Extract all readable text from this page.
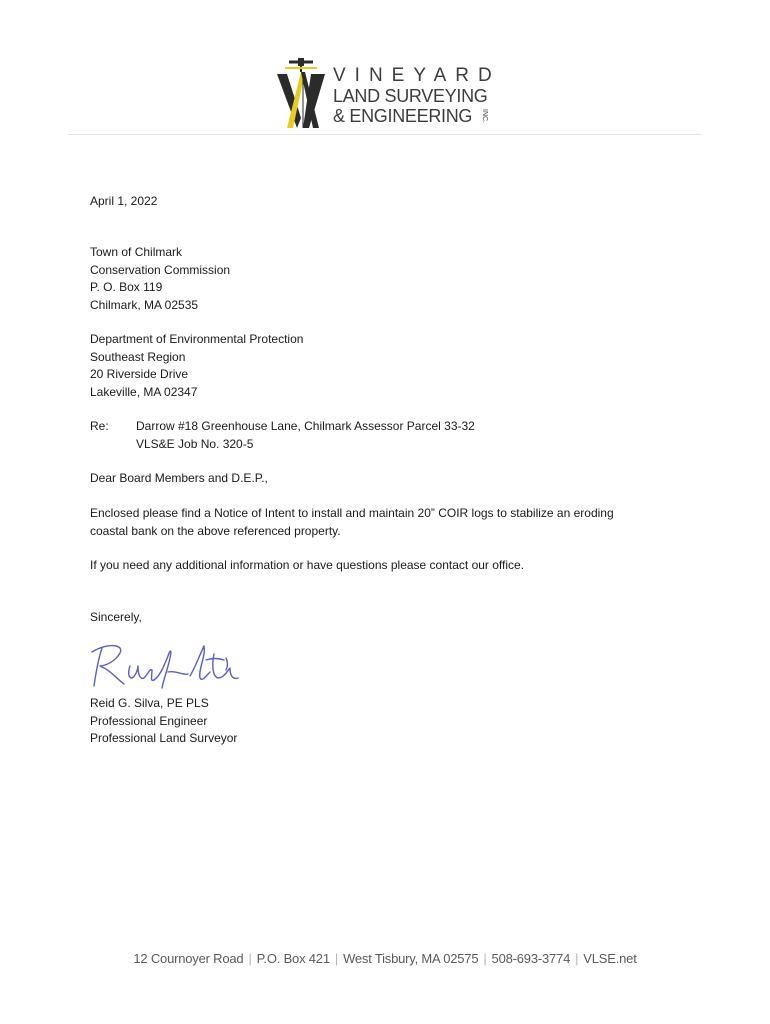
VINEYARD
LAND SURVEYING
& ENGINEERING INC.
April 1, 2022
Town of Chilmark
Conservation Commission
P. O. Box 119
Chilmark, MA 02535
Department of Environmental Protection
Southeast Region
20 Riverside Drive
Lakeville, MA 02347
Re: Darrow #18 Greenhouse Lane, Chilmark Assessor Parcel 33-32
VLS&E Job No. 320-5
Dear Board Members and D.E.P.,
Enclosed please find a Notice of Intent to install and maintain 20” COIR logs to stabilize an eroding
coastal bank on the above referenced property.
If you need any additional information or have questions please contact our office.
Sincerely,
Reid G. Silva, PE PLS
Professional Engineer
Professional Land Surveyor
12 Cournoyer Road | P.O. Box 421 | West Tisbury, MA 02575 | 508-693-3774 | VLSE.net
